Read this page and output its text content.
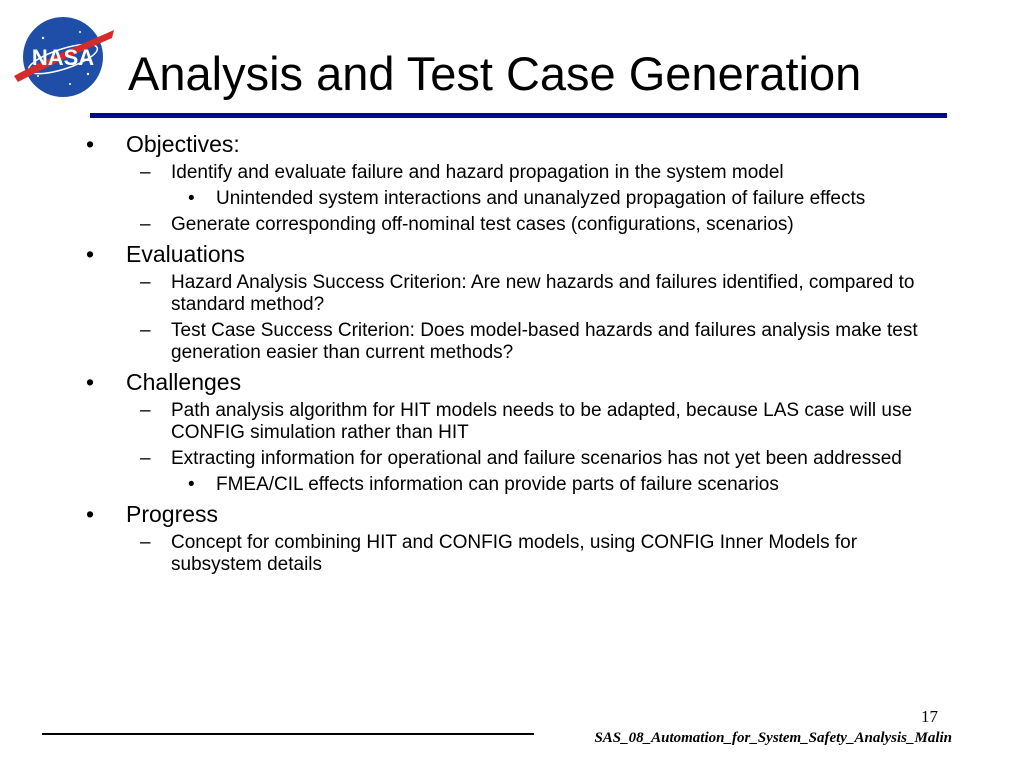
NASA Analysis and Test Case Generation
• Objectives:
– Identify and evaluate failure and hazard propagation in the system model
• Unintended system interactions and unanalyzed propagation of failure effects
– Generate corresponding off-nominal test cases (configurations, scenarios)
• Evaluations
– Hazard Analysis Success Criterion: Are new hazards and failures identified, compared to standard method?
– Test Case Success Criterion: Does model-based hazards and failures analysis make test generation easier than current methods?
• Challenges
– Path analysis algorithm for HIT models needs to be adapted, because LAS case will use CONFIG simulation rather than HIT
– Extracting information for operational and failure scenarios has not yet been addressed
• FMEA/CIL effects information can provide parts of failure scenarios
• Progress
– Concept for combining HIT and CONFIG models, using CONFIG Inner Models for subsystem details
17
SAS_08_Automation_for_System_Safety_Analysis_Malin
